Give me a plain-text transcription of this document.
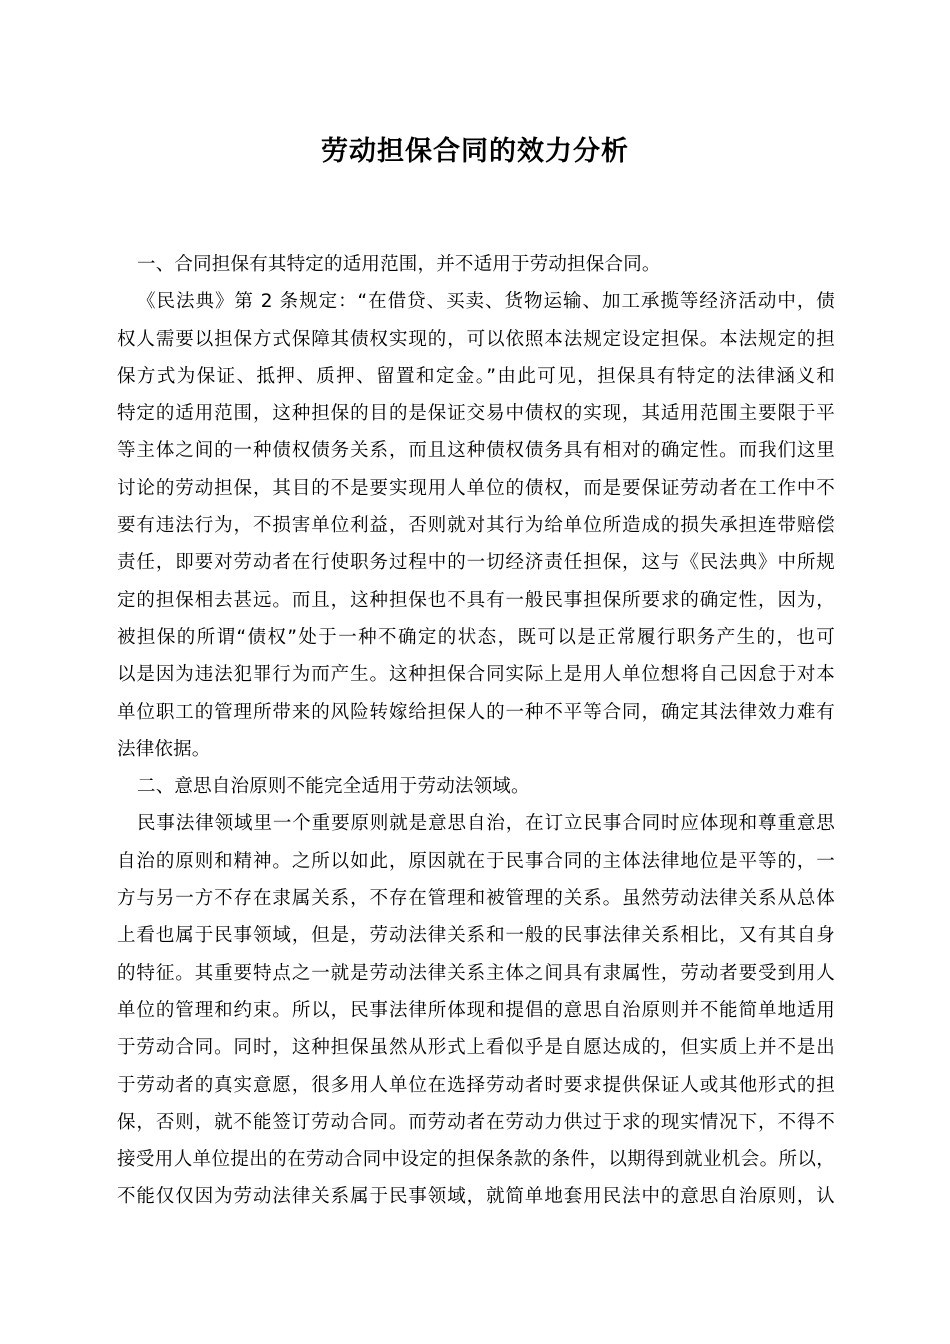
劳动担保合同的效力分析
一、合同担保有其特定的适用范围，并不适用于劳动担保合同。
《民法典》第 2 条规定：“在借贷、买卖、货物运输、加工承揽等经济活动中，债
权人需要以担保方式保障其债权实现的，可以依照本法规定设定担保。本法规定的担
保方式为保证、抵押、质押、留置和定金。”由此可见，担保具有特定的法律涵义和
特定的适用范围，这种担保的目的是保证交易中债权的实现，其适用范围主要限于平
等主体之间的一种债权债务关系，而且这种债权债务具有相对的确定性。而我们这里
讨论的劳动担保，其目的不是要实现用人单位的债权，而是要保证劳动者在工作中不
要有违法行为，不损害单位利益，否则就对其行为给单位所造成的损失承担连带赔偿
责任，即要对劳动者在行使职务过程中的一切经济责任担保，这与《民法典》中所规
定的担保相去甚远。而且，这种担保也不具有一般民事担保所要求的确定性，因为，
被担保的所谓“债权”处于一种不确定的状态，既可以是正常履行职务产生的，也可
以是因为违法犯罪行为而产生。这种担保合同实际上是用人单位想将自己因怠于对本
单位职工的管理所带来的风险转嫁给担保人的一种不平等合同，确定其法律效力难有
法律依据。
二、意思自治原则不能完全适用于劳动法领域。
民事法律领域里一个重要原则就是意思自治，在订立民事合同时应体现和尊重意思
自治的原则和精神。之所以如此，原因就在于民事合同的主体法律地位是平等的，一
方与另一方不存在隶属关系，不存在管理和被管理的关系。虽然劳动法律关系从总体
上看也属于民事领域，但是，劳动法律关系和一般的民事法律关系相比，又有其自身
的特征。其重要特点之一就是劳动法律关系主体之间具有隶属性，劳动者要受到用人
单位的管理和约束。所以，民事法律所体现和提倡的意思自治原则并不能简单地适用
于劳动合同。同时，这种担保虽然从形式上看似乎是自愿达成的，但实质上并不是出
于劳动者的真实意愿，很多用人单位在选择劳动者时要求提供保证人或其他形式的担
保，否则，就不能签订劳动合同。而劳动者在劳动力供过于求的现实情况下，不得不
接受用人单位提出的在劳动合同中设定的担保条款的条件，以期得到就业机会。所以，
不能仅仅因为劳动法律关系属于民事领域，就简单地套用民法中的意思自治原则，认
